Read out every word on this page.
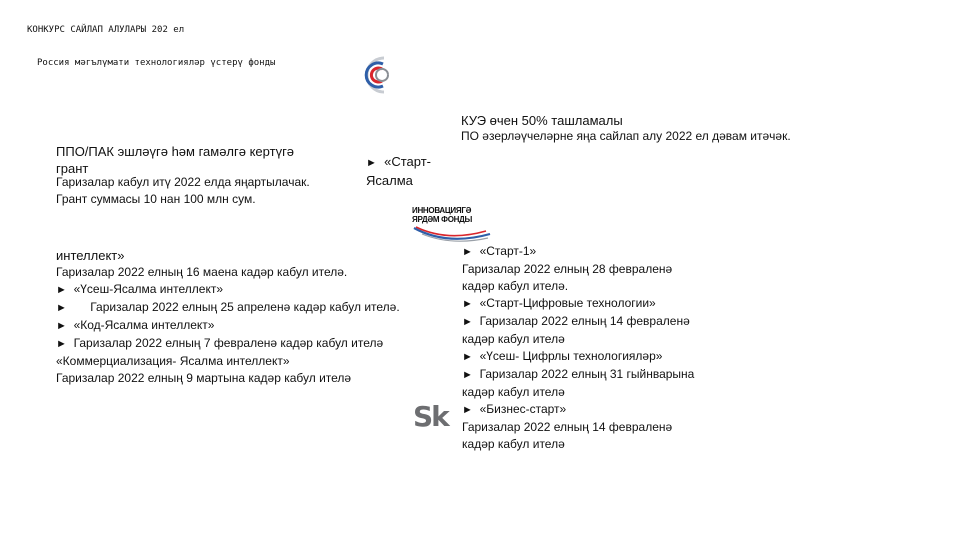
КОНКУРС САЙЛАП АЛУЛАРЫ 202 ел
Россия мәгълүмати технологияләр үстерү фонды
КУЭ өчен 50% ташламалы
ПО әзерләүчеләрне яңа сайлап алу 2022 ел дәвам итәчәк.
ППО/ПАК эшләүгә һәм гамәлгә кертүгә
грант
Гаризалар кабул итү 2022 елда яңартылачак.
Грант суммасы 10 нан 100 млн сум.
► «Старт-
Ясалма
ИННОВАЦИЯГӘ
ЯРДӘМ ФОНДЫ
интеллект»
Гаризалар 2022 елның 16 маена кадәр кабул ителә.
► «Үсеш-Ясалма интеллект»
► Гаризалар 2022 елның 25 апреленә кадәр кабул ителә.
► «Код-Ясалма интеллект»
► Гаризалар 2022 елның 7 февраленә кадәр кабул ителә
«Коммерциализация- Ясалма интеллект»
Гаризалар 2022 елның 9 мартына кадәр кабул ителә
► «Старт-1»
Гаризалар 2022 елның 28 февраленә
кадәр кабул ителә.
► «Старт-Цифровые технологии»
► Гаризалар 2022 елның 14 февраленә
кадәр кабул ителә
► «Үсеш- Цифрлы технологияләр»
► Гаризалар 2022 елның 31 гыйнварына
кадәр кабул ителә
► «Бизнес-старт»
Гаризалар 2022 елның 14 февраленә
кадәр кабул ителә
Sk
